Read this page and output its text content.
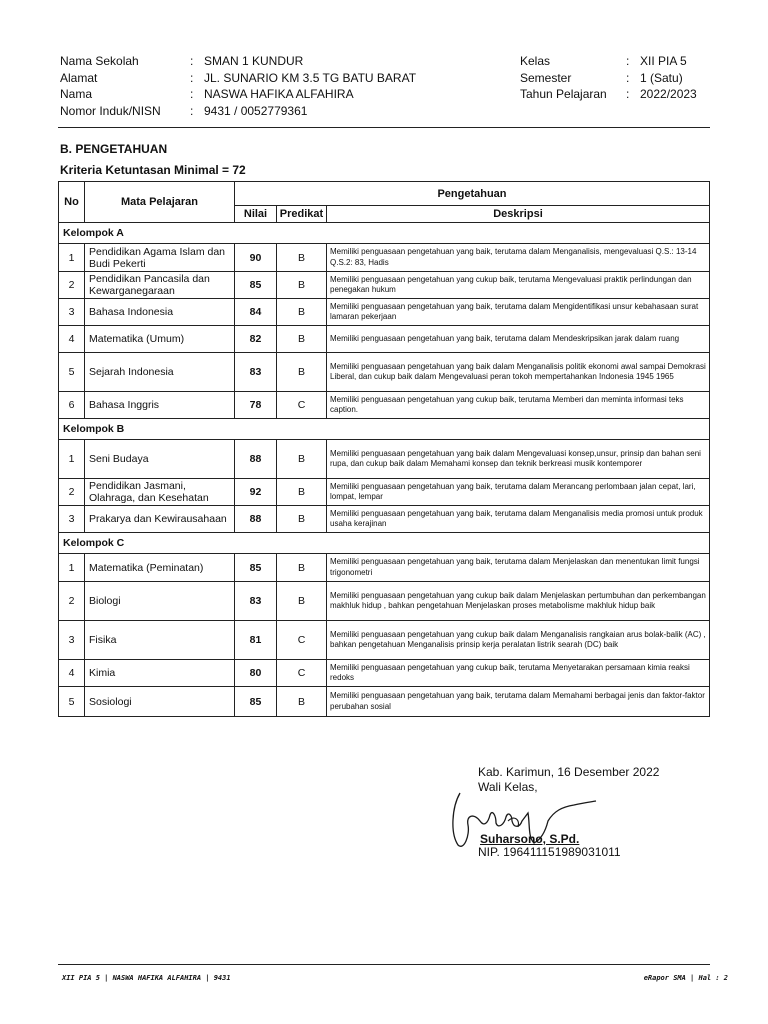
Nama Sekolah	: SMAN 1 KUNDUR
Alamat	: JL. SUNARIO KM 3.5 TG BATU BARAT
Nama	: NASWA HAFIKA ALFAHIRA
Nomor Induk/NISN	: 9431 / 0052779361
Kelas	: XII PIA 5
Semester	: 1 (Satu)
Tahun Pelajaran	: 2022/2023
B. PENGETAHUAN
Kriteria Ketuntasan Minimal = 72
No	Mata Pelajaran	Pengetahuan		
		Nilai	Predikat	Deskripsi
Kelompok A				
1	Pendidikan Agama Islam dan Budi Pekerti	90	B	Memiliki penguasaan pengetahuan yang baik, terutama dalam Menganalisis, mengevaluasi Q.S.: 13-14 Q.S.2: 83, Hadis
2	Pendidikan Pancasila dan Kewarganegaraan	85	B	Memiliki penguasaan pengetahuan yang cukup baik, terutama Mengevaluasi praktik perlindungan dan penegakan hukum
3	Bahasa Indonesia	84	B	Memiliki penguasaan pengetahuan yang baik, terutama dalam Mengidentifikasi unsur kebahasaan surat lamaran pekerjaan
4	Matematika (Umum)	82	B	Memiliki penguasaan pengetahuan yang baik, terutama dalam Mendeskripsikan jarak dalam ruang
5	Sejarah Indonesia	83	B	Memiliki penguasaan pengetahuan yang baik dalam Menganalisis politik ekonomi awal sampai Demokrasi Liberal, dan cukup baik dalam Mengevaluasi peran tokoh mempertahankan Indonesia 1945 1965
6	Bahasa Inggris	78	C	Memiliki penguasaan pengetahuan yang cukup baik, terutama Memberi dan meminta informasi teks caption.
Kelompok B				
1	Seni Budaya	88	B	Memiliki penguasaan pengetahuan yang baik dalam Mengevaluasi konsep,unsur, prinsip dan bahan seni rupa, dan cukup baik dalam Memahami konsep dan teknik berkreasi musik kontemporer
2	Pendidikan Jasmani, Olahraga, dan Kesehatan	92	B	Memiliki penguasaan pengetahuan yang baik, terutama dalam Merancang perlombaan jalan cepat, lari, lompat, lempar
3	Prakarya dan Kewirausahaan	88	B	Memiliki penguasaan pengetahuan yang baik, terutama dalam Menganalisis media promosi untuk produk usaha kerajinan
Kelompok C				
1	Matematika (Peminatan)	85	B	Memiliki penguasaan pengetahuan yang baik, terutama dalam Menjelaskan dan menentukan limit fungsi trigonometri
2	Biologi	83	B	Memiliki penguasaan pengetahuan yang cukup baik dalam Menjelaskan pertumbuhan dan perkembangan makhluk hidup , bahkan pengetahuan Menjelaskan proses metabolisme makhluk hidup baik
3	Fisika	81	C	Memiliki penguasaan pengetahuan yang cukup baik dalam Menganalisis rangkaian arus bolak-balik (AC) , bahkan pengetahuan Menganalisis prinsip kerja peralatan listrik searah (DC) baik
4	Kimia	80	C	Memiliki penguasaan pengetahuan yang cukup baik, terutama Menyetarakan persamaan kimia reaksi redoks
5	Sosiologi	85	B	Memiliki penguasaan pengetahuan yang baik, terutama dalam Memahami berbagai jenis dan faktor-faktor perubahan sosial
Kab. Karimun, 16 Desember 2022
Wali Kelas,
Suharsono, S.Pd.
NIP. 196411151989031011
XII PIA 5 | NASWA HAFIKA ALFAHIRA | 9431	eRapor SMA | Hal : 2
